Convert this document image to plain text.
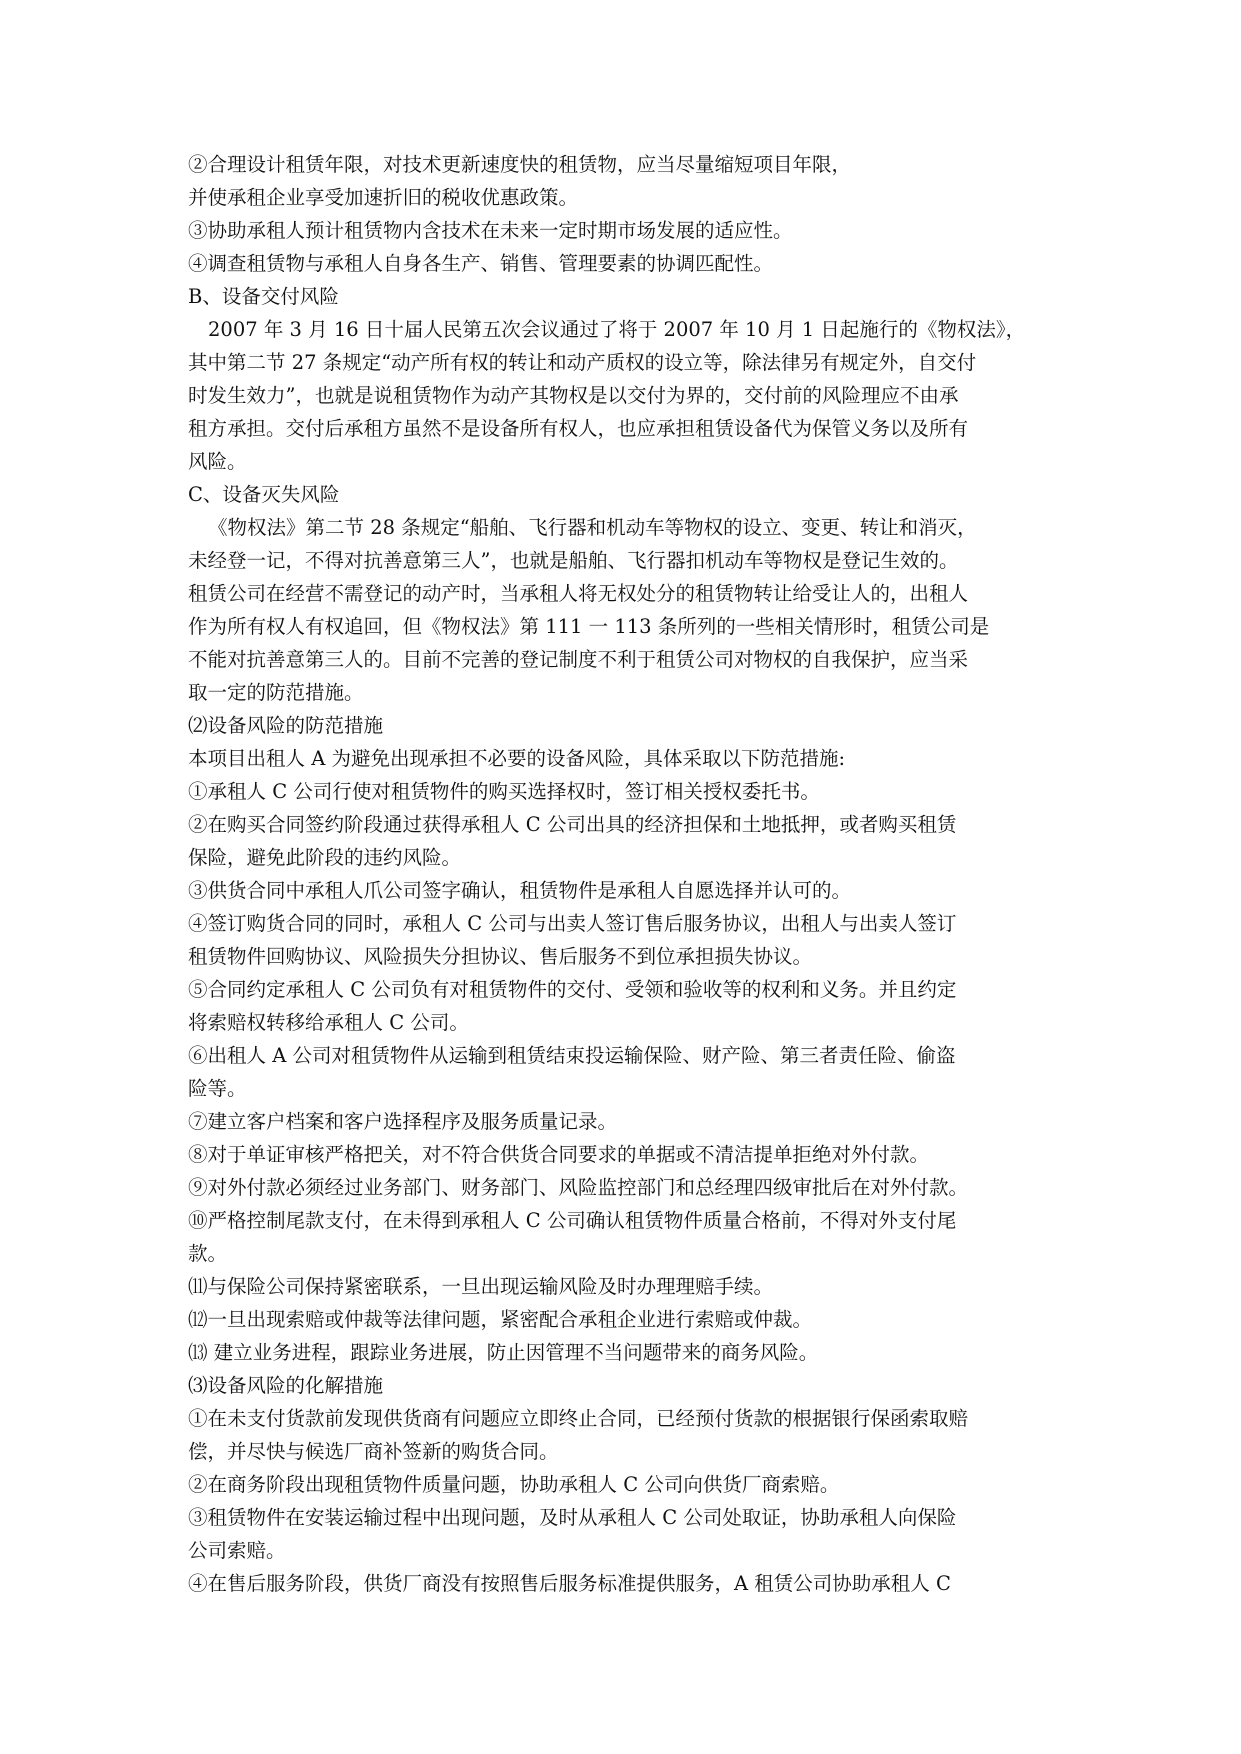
②合理设计租赁年限，对技术更新速度快的租赁物，应当尽量缩短项目年限，
并使承租企业享受加速折旧的税收优惠政策。
③协助承租人预计租赁物内含技术在未来一定时期市场发展的适应性。
④调查租赁物与承租人自身各生产、销售、管理要素的协调匹配性。
B、设备交付风险
2007 年 3 月 16 日十届人民第五次会议通过了将于 2007 年 10 月 1 日起施行的《物权法》，
其中第二节 27 条规定“动产所有权的转让和动产质权的设立等，除法律另有规定外，自交付
时发生效力”，也就是说租赁物作为动产其物权是以交付为界的，交付前的风险理应不由承
租方承担。交付后承租方虽然不是设备所有权人，也应承担租赁设备代为保管义务以及所有
风险。
C、设备灭失风险
《物权法》第二节 28 条规定“船舶、飞行器和机动车等物权的设立、变更、转让和消灭，
未经登一记，不得对抗善意第三人”，也就是船舶、飞行器扣机动车等物权是登记生效的。
租赁公司在经营不需登记的动产时，当承租人将无权处分的租赁物转让给受让人的，出租人
作为所有权人有权追回，但《物权法》第 111 一 113 条所列的一些相关情形时，租赁公司是
不能对抗善意第三人的。目前不完善的登记制度不利于租赁公司对物权的自我保护，应当采
取一定的防范措施。
⑵设备风险的防范措施
本项目出租人 A 为避免出现承担不必要的设备风险，具体采取以下防范措施:
①承租人 C 公司行使对租赁物件的购买选择权时，签订相关授权委托书。
②在购买合同签约阶段通过获得承租人 C 公司出具的经济担保和土地抵押，或者购买租赁
保险，避免此阶段的违约风险。
③供货合同中承租人爪公司签字确认，租赁物件是承租人自愿选择并认可的。
④签订购货合同的同时，承租人 C 公司与出卖人签订售后服务协议，出租人与出卖人签订
租赁物件回购协议、风险损失分担协议、售后服务不到位承担损失协议。
⑤合同约定承租人 C 公司负有对租赁物件的交付、受领和验收等的权利和义务。并且约定
将索赔权转移给承租人 C 公司。
⑥出租人 A 公司对租赁物件从运输到租赁结束投运输保险、财产险、第三者责任险、偷盗
险等。
⑦建立客户档案和客户选择程序及服务质量记录。
⑧对于单证审核严格把关，对不符合供货合同要求的单据或不清洁提单拒绝对外付款。
⑨对外付款必须经过业务部门、财务部门、风险监控部门和总经理四级审批后在对外付款。
⑩严格控制尾款支付，在未得到承租人 C 公司确认租赁物件质量合格前，不得对外支付尾
款。
⑾与保险公司保持紧密联系，一旦出现运输风险及时办理理赔手续。
⑿一旦出现索赔或仲裁等法律问题，紧密配合承租企业进行索赔或仲裁。
⒀ 建立业务进程，跟踪业务进展，防止因管理不当问题带来的商务风险。
⑶设备风险的化解措施
①在未支付货款前发现供货商有问题应立即终止合同，已经预付货款的根据银行保函索取赔
偿，并尽快与候选厂商补签新的购货合同。
②在商务阶段出现租赁物件质量问题，协助承租人 C 公司向供货厂商索赔。
③租赁物件在安装运输过程中出现问题，及时从承租人 C 公司处取证，协助承租人向保险
公司索赔。
④在售后服务阶段，供货厂商没有按照售后服务标准提供服务，A 租赁公司协助承租人 C
